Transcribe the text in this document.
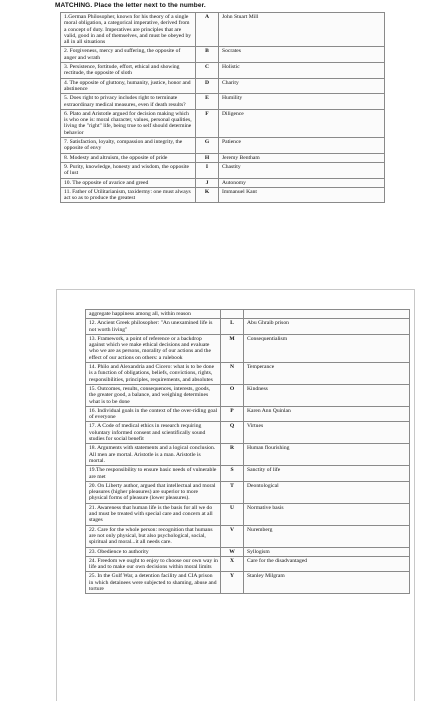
MATCHING. Place the letter next to the number.
1.German Philosopher, known for his theory of a single moral obligation, a categorical imperative, derived from a concept of duty. Imperatives are principles that are valid, good in and of themselves, and must be obeyed by all in all situations	A	John Stuart Mill
2. Forgiveness, mercy and suffering, the opposite of anger and wrath	B	Socrates
3. Persistence, fortitude, effort, ethical and showing rectitude, the opposite of sloth	C	Holistic
4. The opposite of gluttony, humanity, justice, honor and abstinence	D	Charity
5. Does right to privacy includes right to terminate extraordinary medical measures, even if death results?	E	Humility
6. Plato and Aristotle argued for decision making which is who one is: moral character, values, personal qualities, living the "right" life, being true to self should determine behavior	F	Diligence
7. Satisfaction, loyalty, compassion and integrity, the opposite of envy	G	Patience
8. Modesty and altruism, the opposite of pride	H	Jeremy Bentham
9. Purity, knowledge, honesty and wisdom, the opposite of lust	I	Chastity
10. The opposite of avarice and greed	J	Autonomy
11. Father of Utilitarianism, taxidermy: one must always act so as to produce the greatest	K	Immanuel Kant
aggregate happiness among all, within reason		
12. Ancient Greek philosopher: "An unexamined life is not worth living"	L	Abu Ghraib prison
13. Framework, a point of reference or a backdrop against which we make ethical decisions and evaluate who we are as persons, morality of our actions and the effect of our actions on others: a rulebook	M	Consequentialism
14. Philo and Alexandria and Cicero: what is to be done is a function of obligations, beliefs, convictions, rights, responsibilities, principles, requirements, and absolutes	N	Temperance
15. Outcomes, results, consequences, interests, goods, the greater good, a balance, and weighing determines what is to be done	O	Kindness
16. Individual goals in the context of the over-riding goal of everyone	P	Karen Ann Quinlan
17. A Code of medical ethics in research requiring voluntary informed consent and scientifically sound studies for social benefit	Q	Virtues
18. Arguments with statements and a logical conclusion. All men are mortal. Aristotle is a man. Aristotle is mortal.	R	Human flourishing
19.The responsibility to ensure basic needs of vulnerable are met	S	Sanctity of life
20. On Liberty author, argued that intellectual and moral pleasures (higher pleasures) are superior to more physical forms of pleasure (lower pleasures).	T	Deontological
21. Awareness that human life is the basis for all we do and must be treated with special care and concern at all stages	U	Normative basis
22. Care for the whole person: recognition that humans are not only physical, but also psychological, social, spiritual and moral...it all needs care.	V	Nuremberg
23. Obedience to authority	W	Syllogism
24. Freedom we ought to enjoy to choose our own way in life and to make our own decisions within moral limits	X	Care for the disadvantaged
25. In the Gulf War, a detention facility and CIA prison in which detainees were subjected to shaming, abuse and torture	Y	Stanley Milgram
